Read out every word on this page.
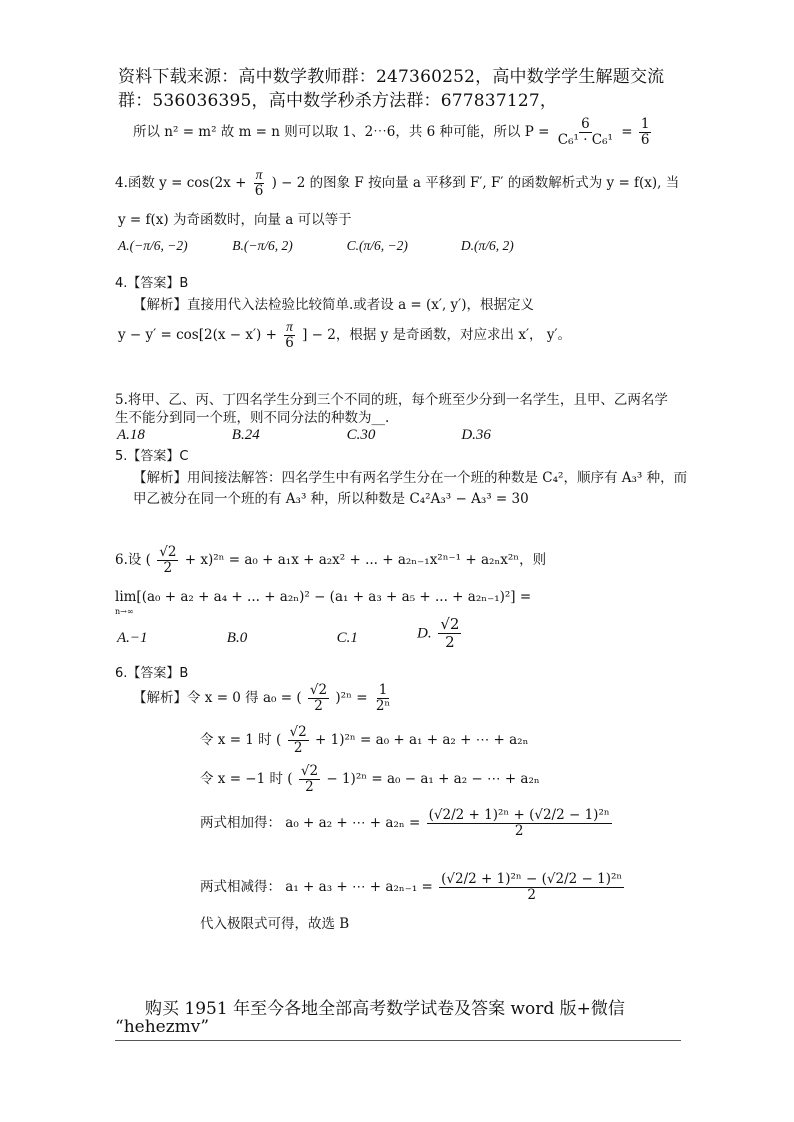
资料下载来源：高中数学教师群：247360252，高中数学学生解题交流
群：536036395，高中数学秒杀方法群：677837127，
所以 n² = m² 故 m = n 则可以取 1、2⋯6，共 6 种可能，所以 $P = \frac{6}{\text{C₆¹ · C₆¹}} = \frac{1}{6}$
4.函数 $y = \cos(2x + \frac{\pi}{6}$ ) − 2 的图象 F 按向量 a 平移到 F′, F′ 的函数解析式为 y = f(x), 当
y = f(x) 为奇函数时，向量 a 可以等于
A.(−π/6, −2)	B.(−π/6, 2)	C.(π/6, −2)	D.(π/6, 2)
4.【答案】B
【解析】直接用代入法检验比较简单.或者设 a = (x′, y′)，根据定义
$y - y' = \cos[2(x - x') + \frac{\pi}{6}$ ] − 2，根据 y 是奇函数，对应求出 x′， y′。
5.将甲、乙、丙、丁四名学生分到三个不同的班，每个班至少分到一名学生，且甲、乙两名学
生不能分到同一个班，则不同分法的种数为__.
A.18	B.24	C.30	D.36
5.【答案】C
【解析】用间接法解答：四名学生中有两名学生分在一个班的种数是 C₄²，顺序有 A₃³ 种，而
甲乙被分在同一个班的有 A₃³ 种，所以种数是 C₄²A₃³ − A₃³ = 30
6.设 ( $\frac{√2}{2} + x)^{2n} = a_0 + a_1x + a_2x^2$ + ... + a₂ₙ₋₁x²ⁿ⁻¹ + a₂ₙx²ⁿ，则
lim[(a₀ + a₂ + a₄ + ... + a₂ₙ)² − (a₁ + a₃ + a₅ + ... + a₂ₙ₋₁)²] =
n→∞
A.−1	B.0	C.1	D. $\frac{√2}{2}$
6.【答案】B
【解析】令 x = 0 得 a₀ = ( $\frac{√2}{2} )^{2n} = \frac{1}{\text{2ⁿ}}$
令 x = 1 时 ( $\frac{√2}{2} + 1)^{2n} = a_0 + a_1 + a_2$ + ⋯ + a₂ₙ
令 x = −1 时 ( $\frac{√2}{2} - 1)^{2n} = a_0 - a_1 + a_2$ − ⋯ + a₂ₙ
两式相加得： a₀ + a₂ + ⋯ + $a_{2n} = \frac{\text{(√2/2 + 1)²ⁿ + (√2/2 − 1)²ⁿ}}{2}$
两式相减得： a₁ + a₃ + ⋯ + $a_{2n-1} = \frac{\text{(√2/2 + 1)²ⁿ − (√2/2 − 1)²ⁿ}}{2}$
代入极限式可得，故选 B
购买 1951 年至今各地全部高考数学试卷及答案 word 版+微信
“hehezmv”
